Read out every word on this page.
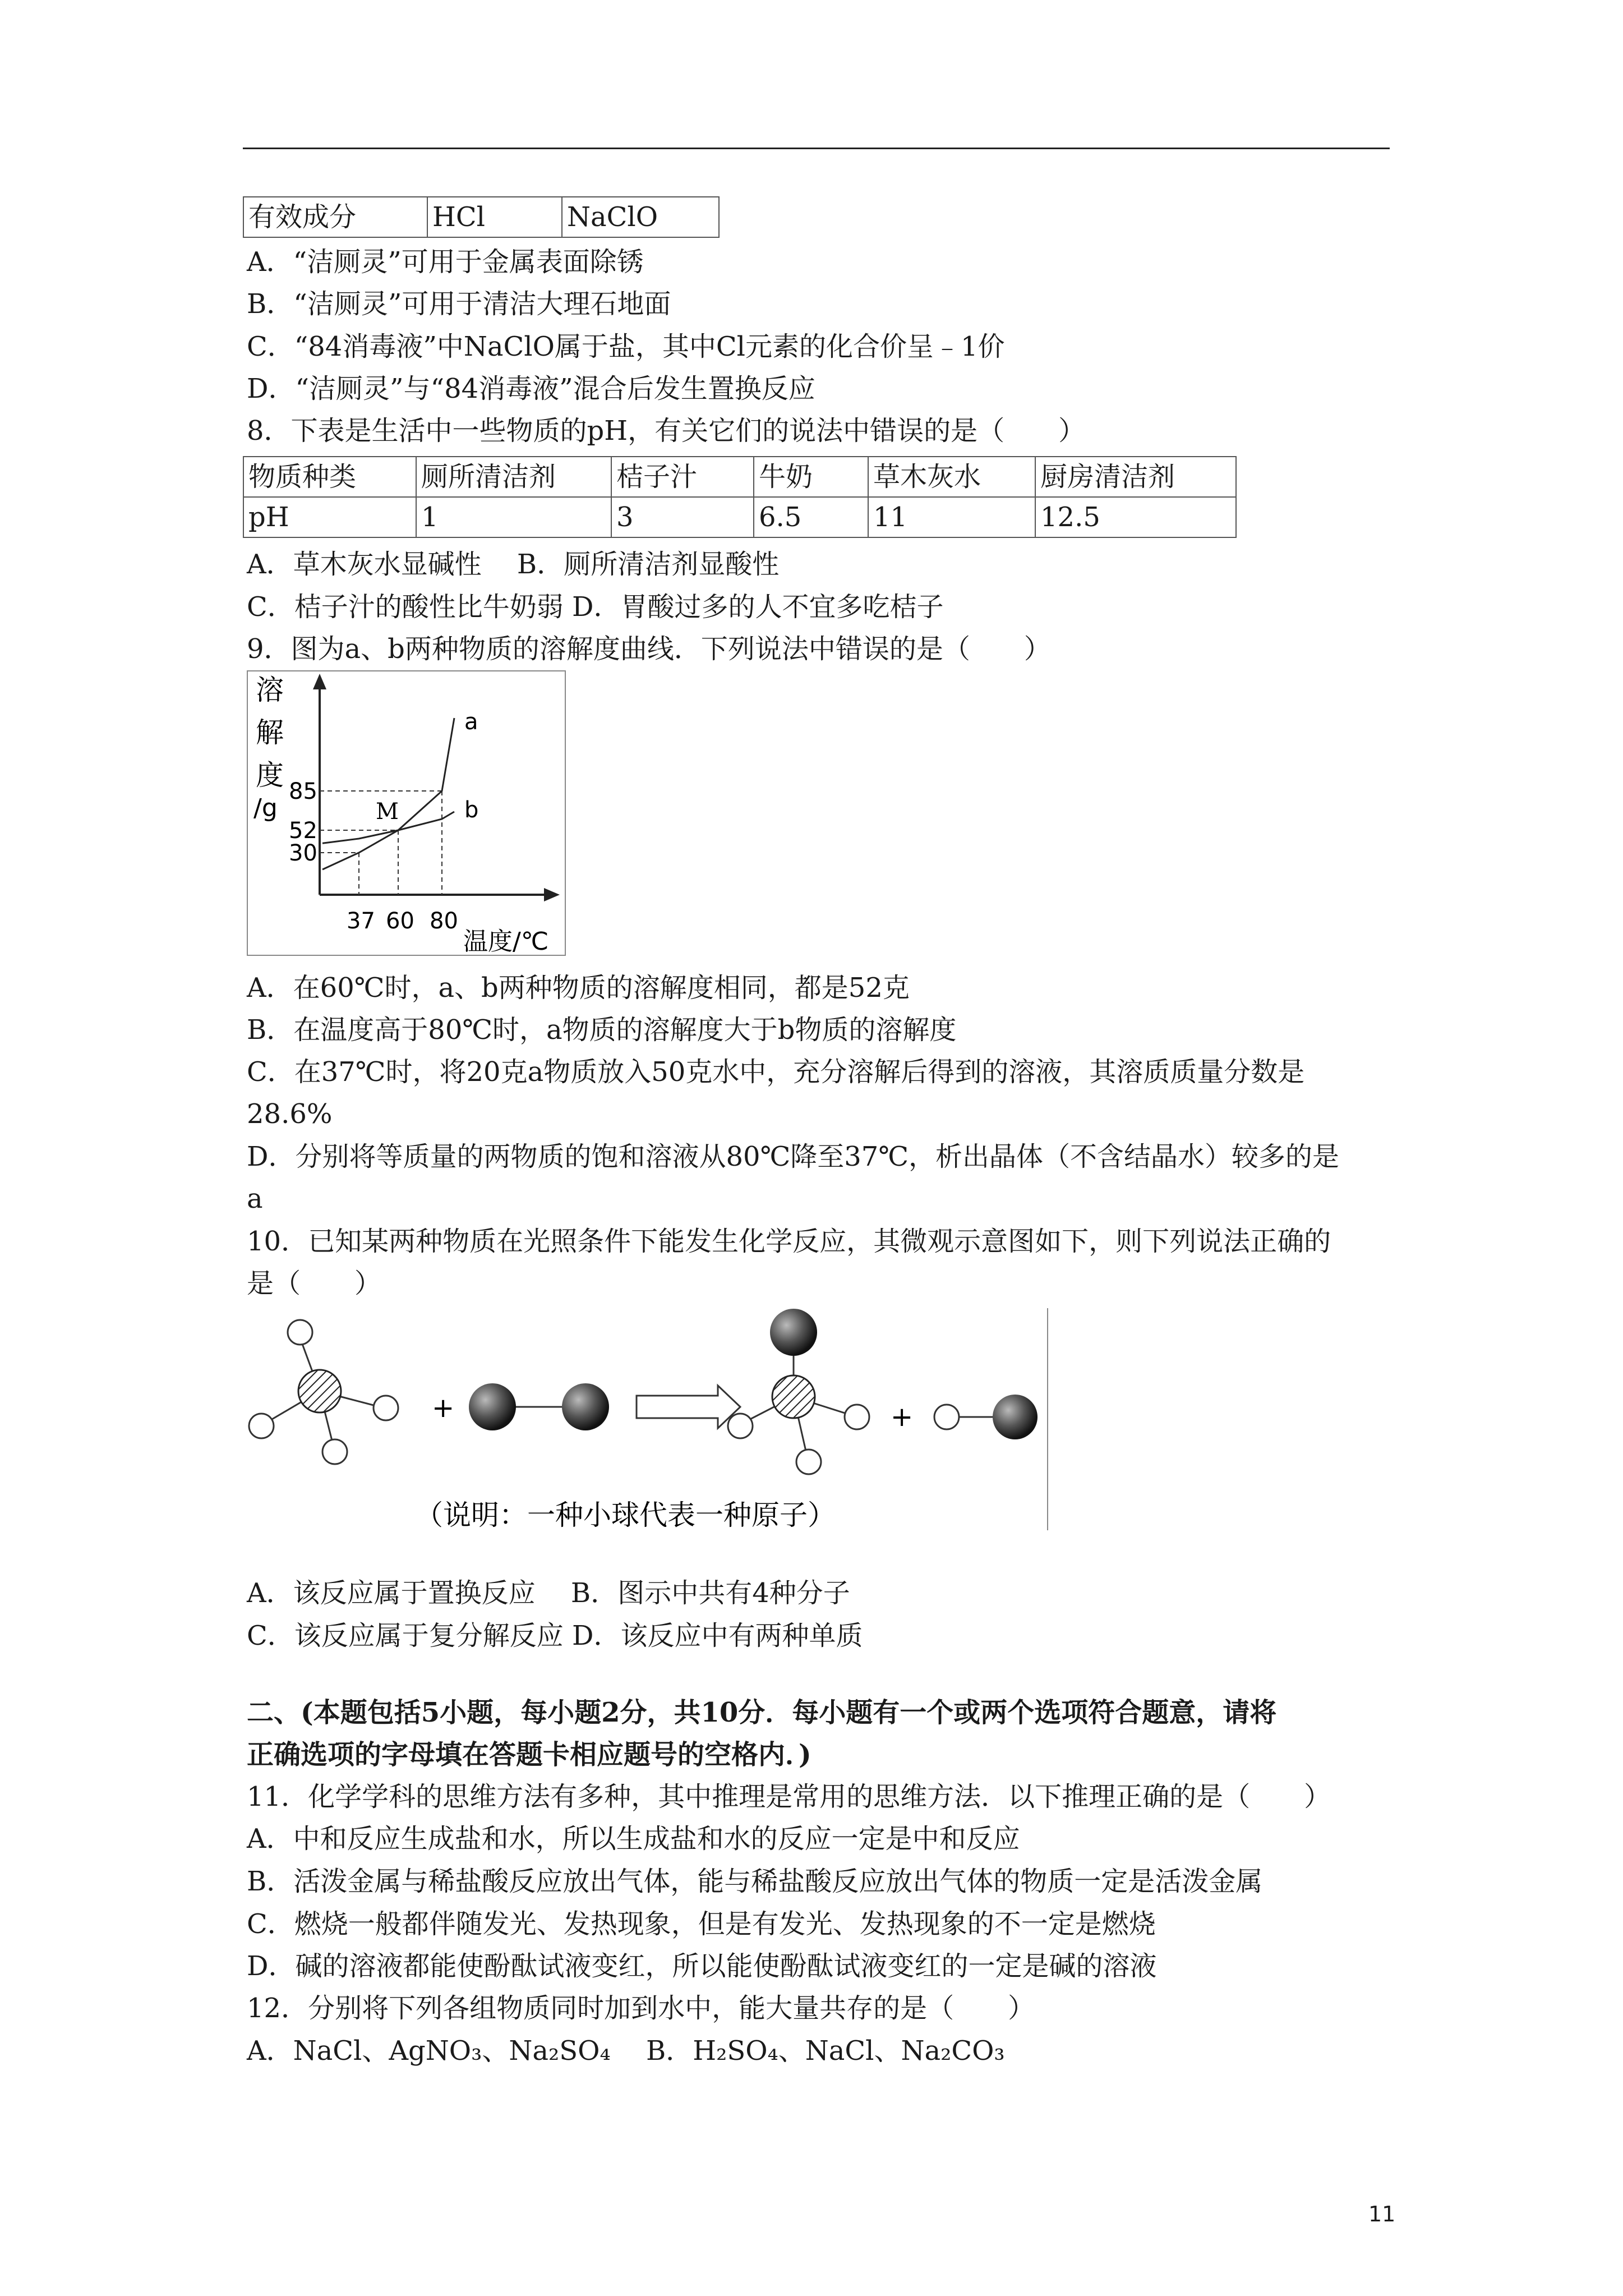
有效成分	HCl	NaClO
A．“洁厕灵”可用于金属表面除锈
B．“洁厕灵”可用于清洁大理石地面
C．“84消毒液”中NaClO属于盐，其中Cl元素的化合价呈﹣1价
D．“洁厕灵”与“84消毒液”混合后发生置换反应
8．下表是生活中一些物质的pH，有关它们的说法中错误的是（　　）
物质种类	厕所清洁剂	桔子汁	牛奶	草木灰水	厨房清洁剂
pH	1	3	6.5	11	12.5
A．草木灰水显碱性　 B．厕所清洁剂显酸性
C．桔子汁的酸性比牛奶弱 D．胃酸过多的人不宜多吃桔子
9．图为a、b两种物质的溶解度曲线．下列说法中错误的是（　　）
溶
解
度
/g
a
b
30
52
85
37 60 80
M
温度/℃
A．在60℃时，a、b两种物质的溶解度相同，都是52克
B．在温度高于80℃时，a物质的溶解度大于b物质的溶解度
C．在37℃时，将20克a物质放入50克水中，充分溶解后得到的溶液，其溶质质量分数是
28.6%
D．分别将等质量的两物质的饱和溶液从80℃降至37℃，析出晶体（不含结晶水）较多的是
a
10．已知某两种物质在光照条件下能发生化学反应，其微观示意图如下，则下列说法正确的
是（　　）
+	+
（说明：一种小球代表一种原子）
A．该反应属于置换反应　 B．图示中共有4种分子
C．该反应属于复分解反应 D．该反应中有两种单质
二、(本题包括5小题，每小题2分，共10分．每小题有一个或两个选项符合题意，请将
正确选项的字母填在答题卡相应题号的空格内．)
11．化学学科的思维方法有多种，其中推理是常用的思维方法．以下推理正确的是（　　）
A．中和反应生成盐和水，所以生成盐和水的反应一定是中和反应
B．活泼金属与稀盐酸反应放出气体，能与稀盐酸反应放出气体的物质一定是活泼金属
C．燃烧一般都伴随发光、发热现象，但是有发光、发热现象的不一定是燃烧
D．碱的溶液都能使酚酞试液变红，所以能使酚酞试液变红的一定是碱的溶液
12．分别将下列各组物质同时加到水中，能大量共存的是（　　）
A．NaCl、AgNO₃、Na₂SO₄　 B．H₂SO₄、NaCl、Na₂CO₃
11
